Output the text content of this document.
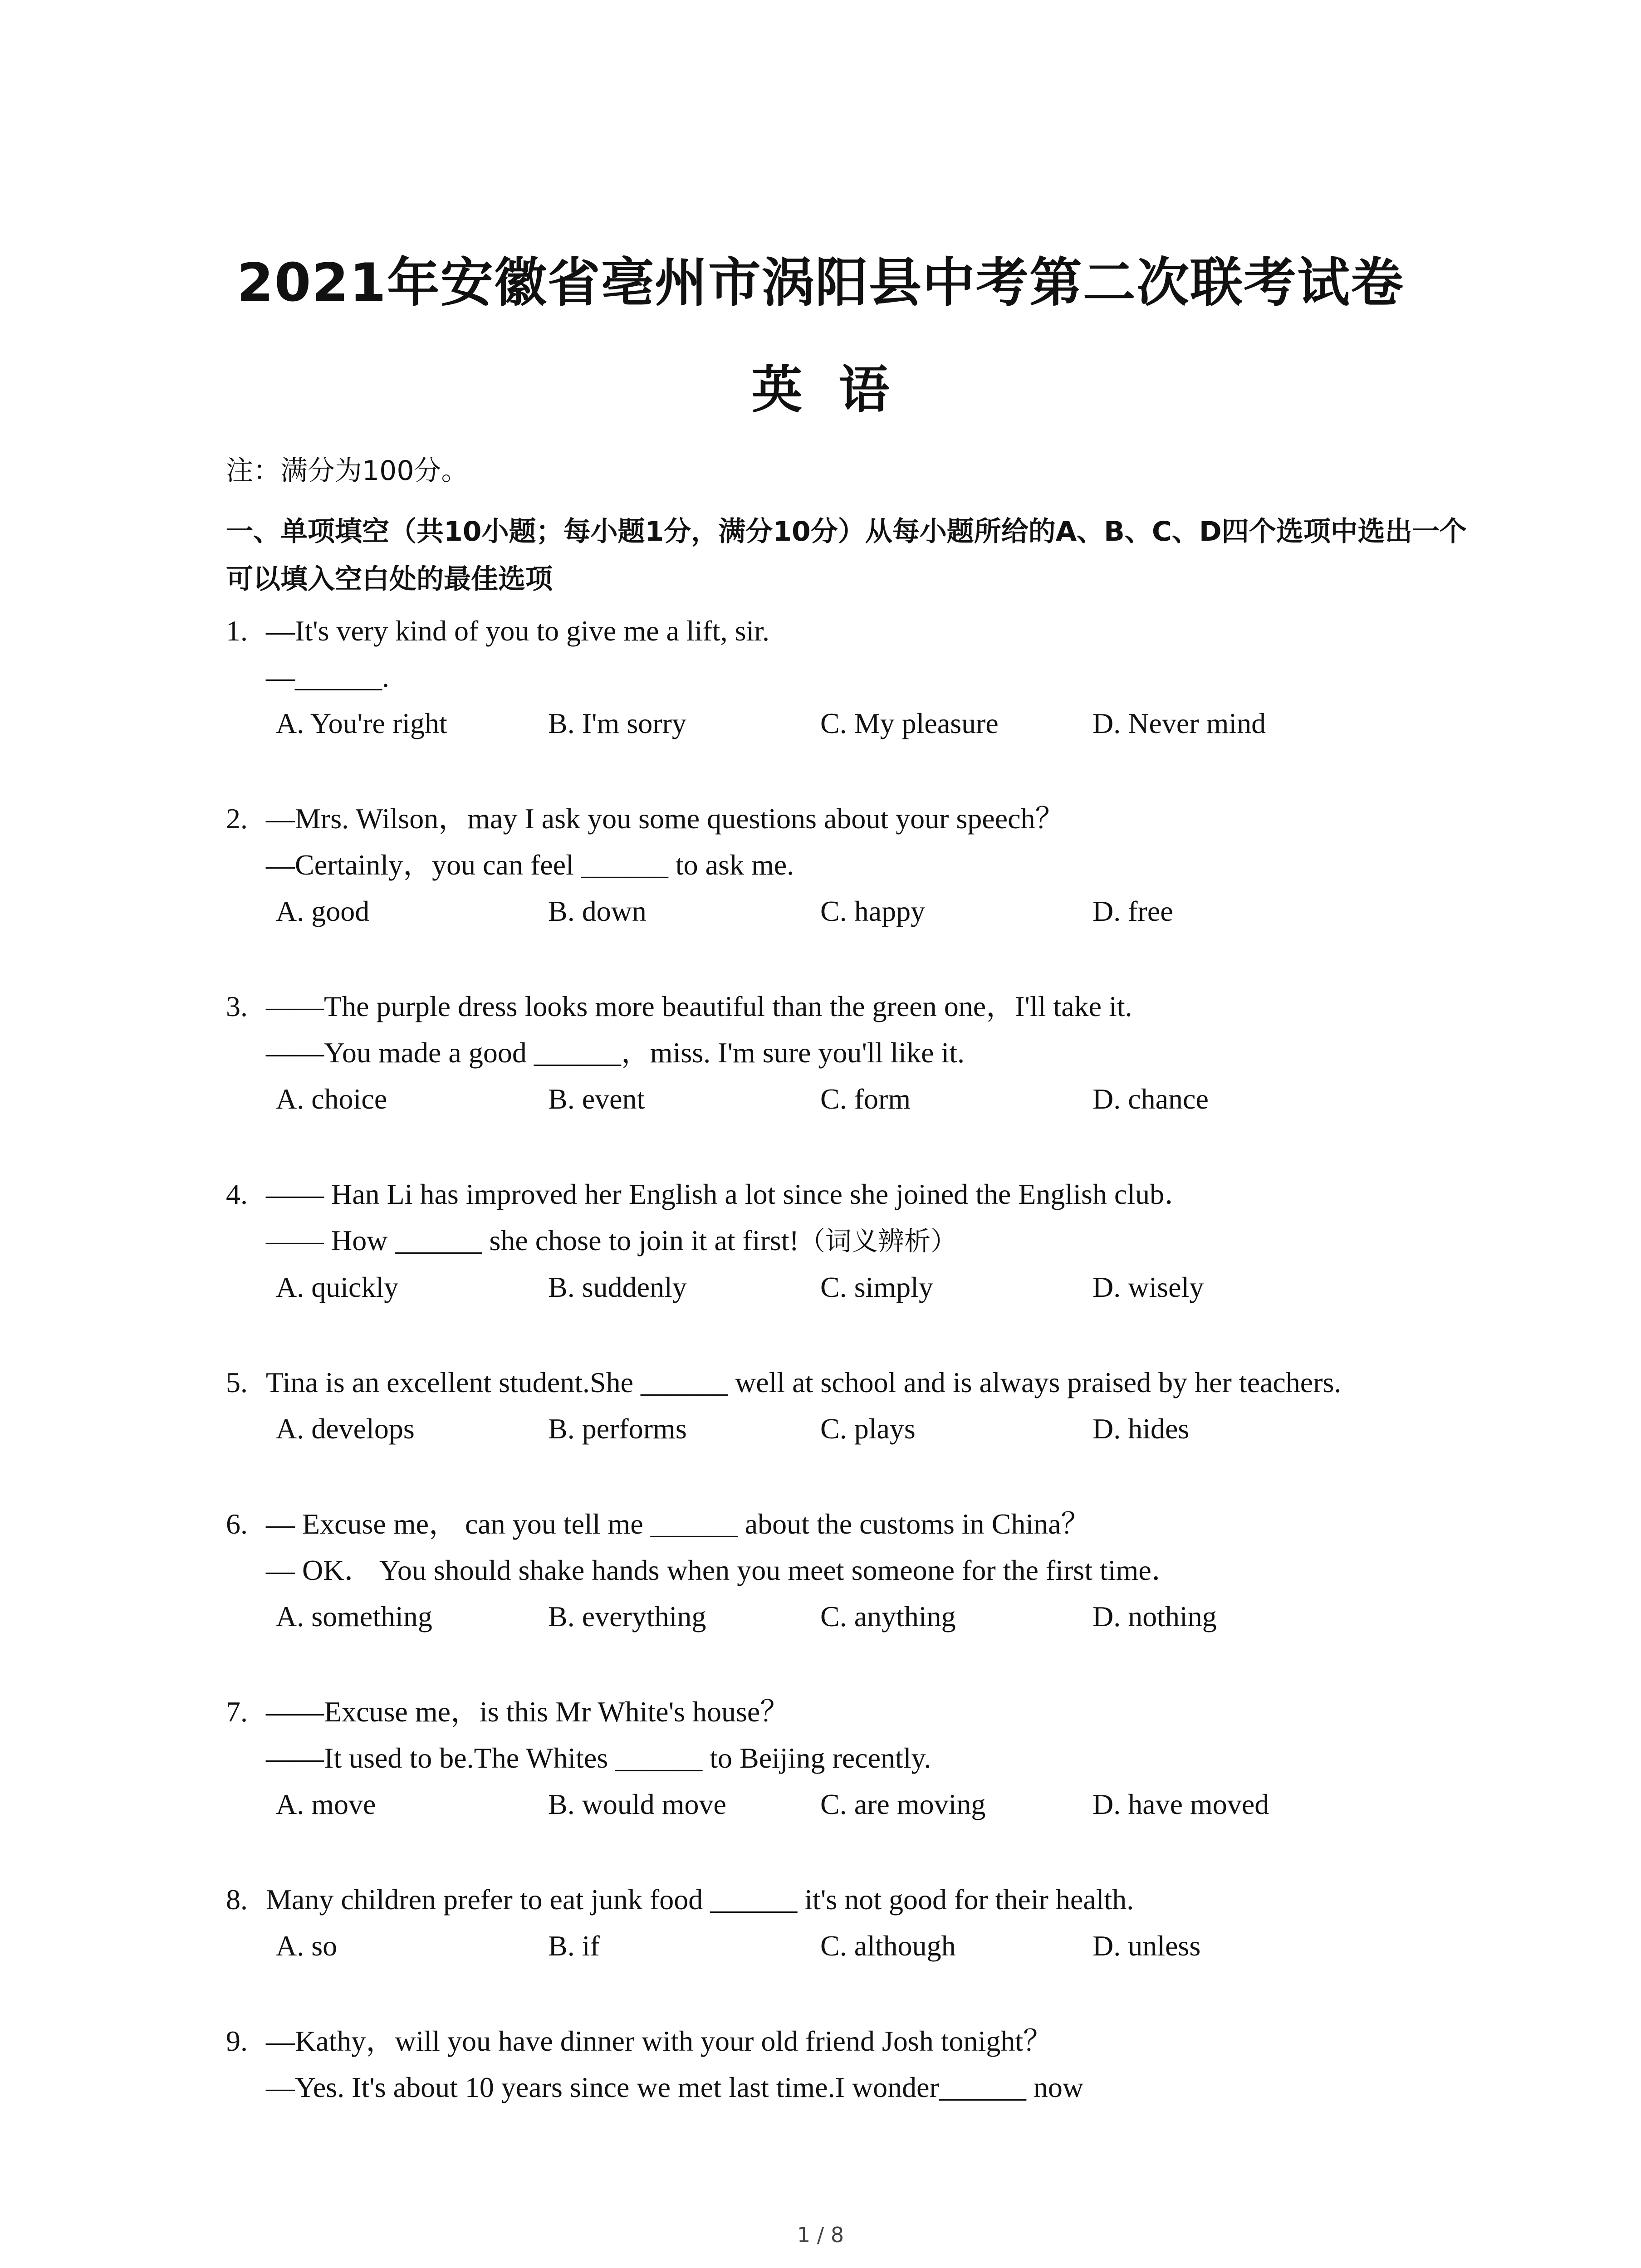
2021年安徽省亳州市涡阳县中考第二次联考试卷
英语
注：满分为100分。
一、单项填空（共10小题；每小题1分，满分10分）从每小题所给的A、B、C、D四个选项中选出一个可以填入空白处的最佳选项
1. —It's very kind of you to give me a lift, sir.
—______.
A. You're right	B. I'm sorry	C. My pleasure	D. Never mind
2. —Mrs. Wilson，may I ask you some questions about your speech？
—Certainly，you can feel ______ to ask me.
A. good	B. down	C. happy	D. free
3. ——The purple dress looks more beautiful than the green one，I'll take it.
——You made a good ______，miss. I'm sure you'll like it.
A. choice	B. event	C. form	D. chance
4. —— Han Li has improved her English a lot since she joined the English club．
—— How ______ she chose to join it at first!（词义辨析）
A. quickly	B. suddenly	C. simply	D. wisely
5. Tina is an excellent student.She ______ well at school and is always praised by her teachers.
A. develops	B. performs	C. plays	D. hides
6. — Excuse me， can you tell me ______ about the customs in China？
— OK． You should shake hands when you meet someone for the first time．
A. something	B. everything	C. anything	D. nothing
7. ——Excuse me，is this Mr White's house？
——It used to be.The Whites ______ to Beijing recently.
A. move	B. would move	C. are moving	D. have moved
8. Many children prefer to eat junk food ______ it's not good for their health.
A. so	B. if	C. although	D. unless
9. —Kathy，will you have dinner with your old friend Josh tonight？
—Yes. It's about 10 years since we met last time.I wonder______ now
1 / 8
